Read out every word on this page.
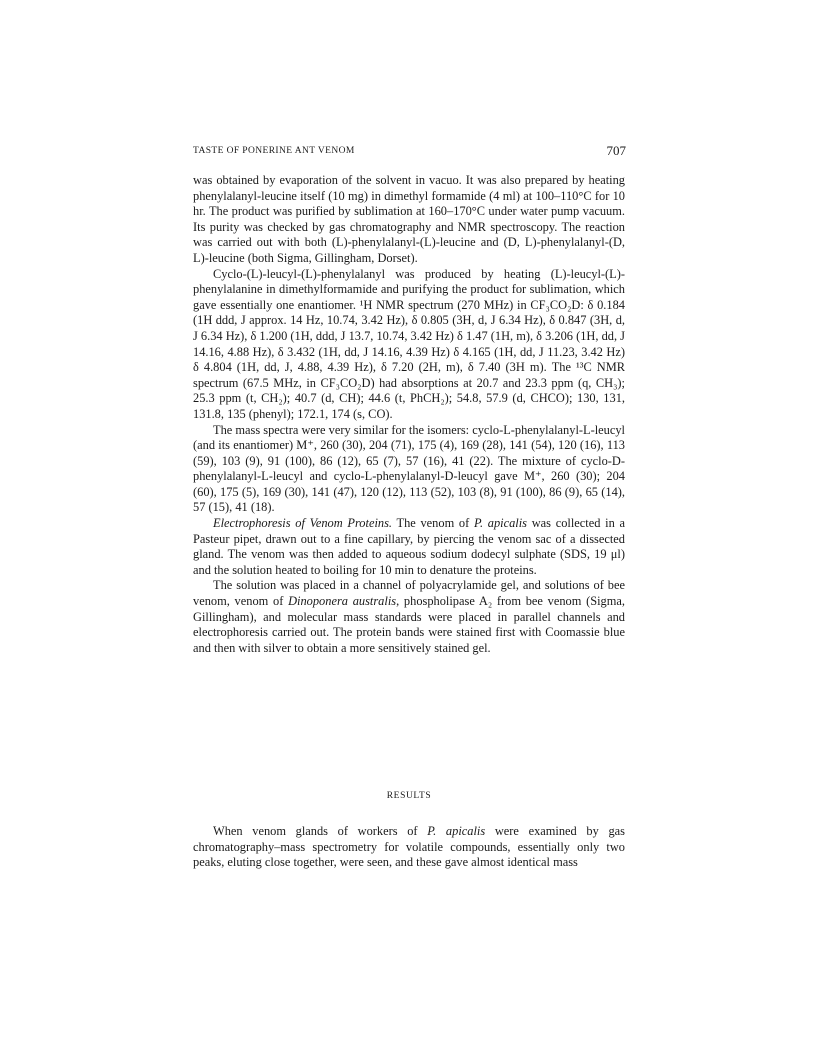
TASTE OF PONERINE ANT VENOM	707

was obtained by evaporation of the solvent in vacuo. It was also prepared by heating phenylalanyl-leucine itself (10 mg) in dimethyl formamide (4 ml) at 100–110°C for 10 hr. The product was purified by sublimation at 160–170°C under water pump vacuum. Its purity was checked by gas chromatography and NMR spectroscopy. The reaction was carried out with both (L)-phenylalanyl-(L)-leucine and (D, L)-phenylalanyl-(D, L)-leucine (both Sigma, Gillingham, Dorset).

Cyclo-(L)-leucyl-(L)-phenylalanyl was produced by heating (L)-leucyl-(L)-phenylalanine in dimethylformamide and purifying the product for sublimation, which gave essentially one enantiomer. ¹H NMR spectrum (270 MHz) in CF₃CO₂D: δ 0.184 (1H ddd, J approx. 14 Hz, 10.74, 3.42 Hz), δ 0.805 (3H, d, J 6.34 Hz), δ 0.847 (3H, d, J 6.34 Hz), δ 1.200 (1H, ddd, J 13.7, 10.74, 3.42 Hz) δ 1.47 (1H, m), δ 3.206 (1H, dd, J 14.16, 4.88 Hz), δ 3.432 (1H, dd, J 14.16, 4.39 Hz) δ 4.165 (1H, dd, J 11.23, 3.42 Hz) δ 4.804 (1H, dd, J, 4.88, 4.39 Hz), δ 7.20 (2H, m), δ 7.40 (3H m). The ¹³C NMR spectrum (67.5 MHz, in CF₃CO₂D) had absorptions at 20.7 and 23.3 ppm (q, CH₃); 25.3 ppm (t, CH₂); 40.7 (d, CH); 44.6 (t, PhCH₂); 54.8, 57.9 (d, CHCO); 130, 131, 131.8, 135 (phenyl); 172.1, 174 (s, CO).

The mass spectra were very similar for the isomers: cyclo-L-phenylalanyl-L-leucyl (and its enantiomer) M⁺, 260 (30), 204 (71), 175 (4), 169 (28), 141 (54), 120 (16), 113 (59), 103 (9), 91 (100), 86 (12), 65 (7), 57 (16), 41 (22). The mixture of cyclo-D-phenylalanyl-L-leucyl and cyclo-L-phenylalanyl-D-leucyl gave M⁺, 260 (30); 204 (60), 175 (5), 169 (30), 141 (47), 120 (12), 113 (52), 103 (8), 91 (100), 86 (9), 65 (14), 57 (15), 41 (18).

Electrophoresis of Venom Proteins. The venom of P. apicalis was collected in a Pasteur pipet, drawn out to a fine capillary, by piercing the venom sac of a dissected gland. The venom was then added to aqueous sodium dodecyl sulphate (SDS, 19 μl) and the solution heated to boiling for 10 min to denature the proteins.

The solution was placed in a channel of polyacrylamide gel, and solutions of bee venom, venom of Dinoponera australis, phospholipase A₂ from bee venom (Sigma, Gillingham), and molecular mass standards were placed in parallel channels and electrophoresis carried out. The protein bands were stained first with Coomassie blue and then with silver to obtain a more sensitively stained gel.

RESULTS

When venom glands of workers of P. apicalis were examined by gas chromatography–mass spectrometry for volatile compounds, essentially only two peaks, eluting close together, were seen, and these gave almost identical mass
